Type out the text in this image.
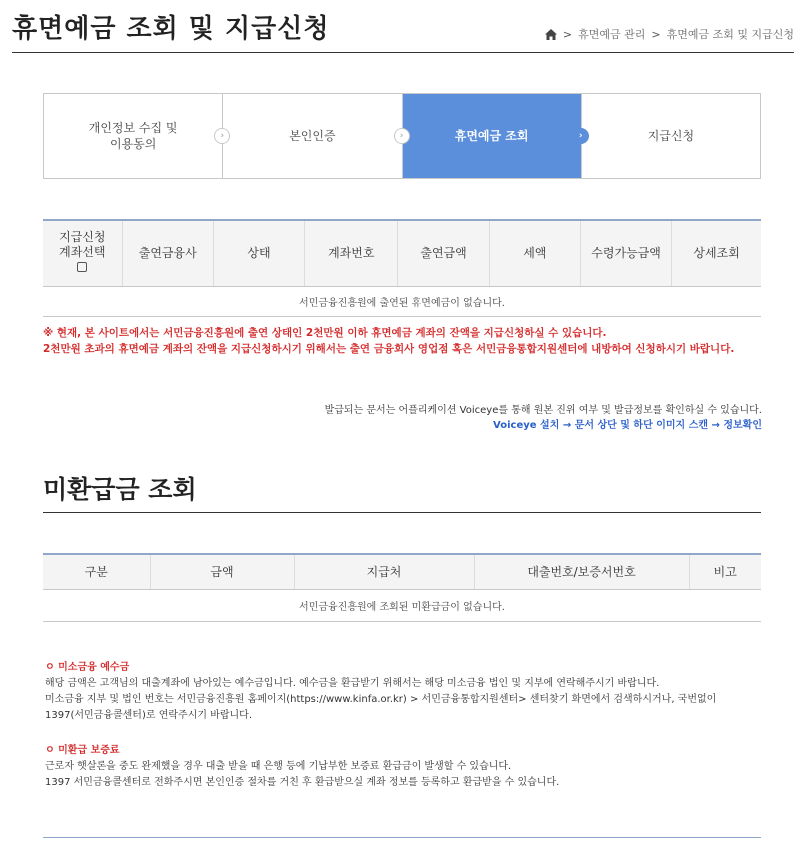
휴면예금 조회 및 지급신청	> 휴면예금 관리 > 휴면예금 조회 및 지급신청
개인정보 수집 및
이용동의
›	본인인증	›	휴면예금 조회	›	지급신청
지급신청
계좌선택	출연금융사	상태	계좌번호	출연금액	세액	수령가능금액	상세조회
서민금융진흥원에 출연된 휴면예금이 없습니다.
※ 현재, 본 사이트에서는 서민금융진흥원에 출연 상태인 2천만원 이하 휴면예금 계좌의 잔액을 지급신청하실 수 있습니다.
2천만원 초과의 휴면예금 계좌의 잔액을 지급신청하시기 위해서는 출연 금융회사 영업점 혹은 서민금융통합지원센터에 내방하여 신청하시기 바랍니다.
발급되는 문서는 어플리케이션 Voiceye를 통해 원본 진위 여부 및 발급정보를 확인하실 수 있습니다.
Voiceye 설치 → 문서 상단 및 하단 이미지 스캔 → 정보확인
미환급금 조회
구분	금액	지급처	대출번호/보증서번호	비고
서민금융진흥원에 조회된 미환급금이 없습니다.
ㅇ 미소금융 예수금
해당 금액은 고객님의 대출계좌에 남아있는 예수금입니다. 예수금을 환급받기 위해서는 해당 미소금융 법인 및 지부에 연락해주시기 바랍니다.
미소금융 지부 및 법인 번호는 서민금융진흥원 홈페이지(https://www.kinfa.or.kr) > 서민금융통합지원센터> 센터찾기 화면에서 검색하시거나, 국번없이
1397(서민금융콜센터)로 연락주시기 바랍니다.
ㅇ 미환급 보증료
근로자 햇살론을 중도 완제했을 경우 대출 받을 때 은행 등에 기납부한 보증료 환급금이 발생할 수 있습니다.
1397 서민금융콜센터로 전화주시면 본인인증 절차를 거친 후 환급받으실 계좌 정보를 등록하고 환급받을 수 있습니다.
